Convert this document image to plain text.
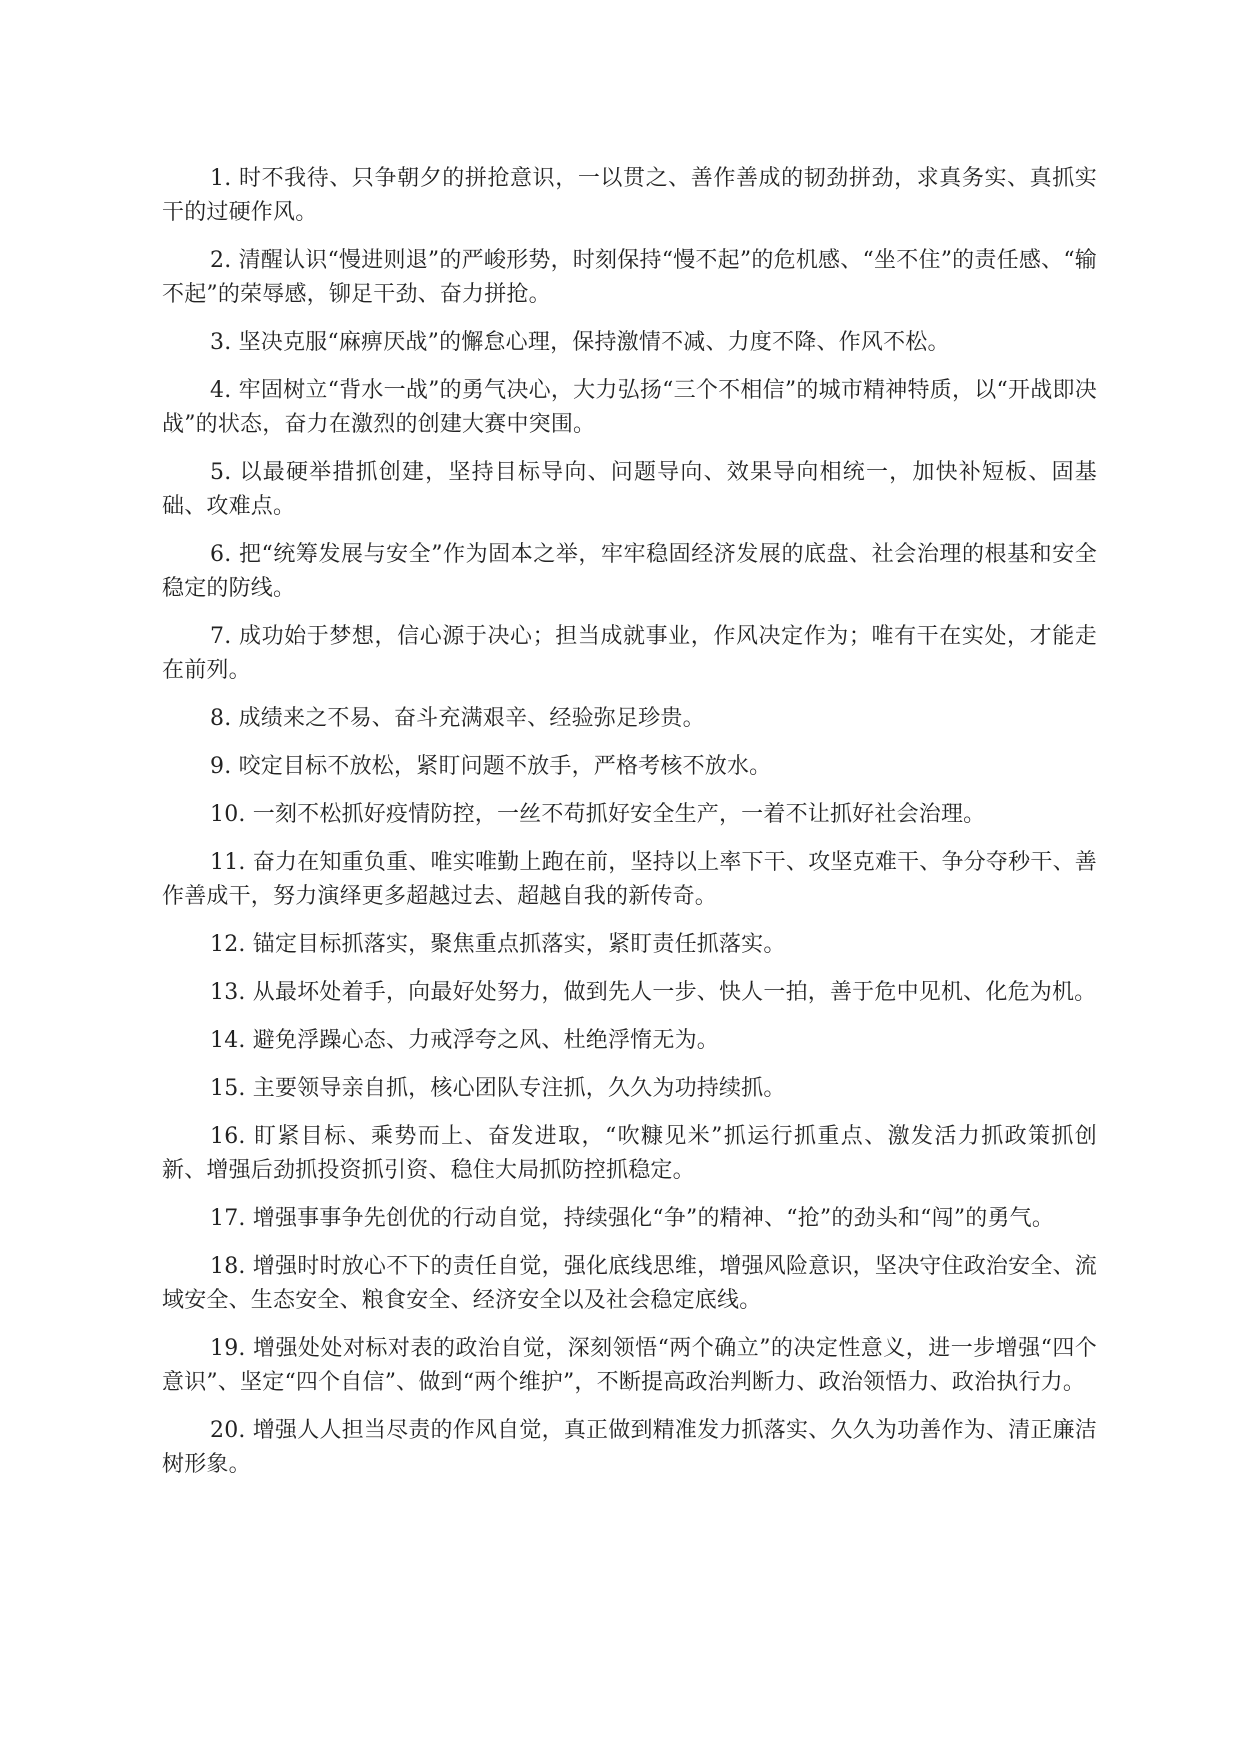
1. 时不我待、只争朝夕的拼抢意识，一以贯之、善作善成的韧劲拼劲，求真务实、真抓实干的过硬作风。

2. 清醒认识“慢进则退”的严峻形势，时刻保持“慢不起”的危机感、“坐不住”的责任感、“输不起”的荣辱感，铆足干劲、奋力拼抢。

3. 坚决克服“麻痹厌战”的懈怠心理，保持激情不减、力度不降、作风不松。

4. 牢固树立“背水一战”的勇气决心，大力弘扬“三个不相信”的城市精神特质，以“开战即决战”的状态，奋力在激烈的创建大赛中突围。

5. 以最硬举措抓创建，坚持目标导向、问题导向、效果导向相统一，加快补短板、固基础、攻难点。

6. 把“统筹发展与安全”作为固本之举，牢牢稳固经济发展的底盘、社会治理的根基和安全稳定的防线。

7. 成功始于梦想，信心源于决心；担当成就事业，作风决定作为；唯有干在实处，才能走在前列。

8. 成绩来之不易、奋斗充满艰辛、经验弥足珍贵。

9. 咬定目标不放松，紧盯问题不放手，严格考核不放水。

10. 一刻不松抓好疫情防控，一丝不苟抓好安全生产，一着不让抓好社会治理。

11. 奋力在知重负重、唯实唯勤上跑在前，坚持以上率下干、攻坚克难干、争分夺秒干、善作善成干，努力演绎更多超越过去、超越自我的新传奇。

12. 锚定目标抓落实，聚焦重点抓落实，紧盯责任抓落实。

13. 从最坏处着手，向最好处努力，做到先人一步、快人一拍，善于危中见机、化危为机。

14. 避免浮躁心态、力戒浮夸之风、杜绝浮惰无为。

15. 主要领导亲自抓，核心团队专注抓，久久为功持续抓。

16. 盯紧目标、乘势而上、奋发进取，“吹糠见米”抓运行抓重点、激发活力抓政策抓创新、增强后劲抓投资抓引资、稳住大局抓防控抓稳定。

17. 增强事事争先创优的行动自觉，持续强化“争”的精神、“抢”的劲头和“闯”的勇气。

18. 增强时时放心不下的责任自觉，强化底线思维，增强风险意识，坚决守住政治安全、流域安全、生态安全、粮食安全、经济安全以及社会稳定底线。

19. 增强处处对标对表的政治自觉，深刻领悟“两个确立”的决定性意义，进一步增强“四个意识”、坚定“四个自信”、做到“两个维护”，不断提高政治判断力、政治领悟力、政治执行力。

20. 增强人人担当尽责的作风自觉，真正做到精准发力抓落实、久久为功善作为、清正廉洁树形象。
